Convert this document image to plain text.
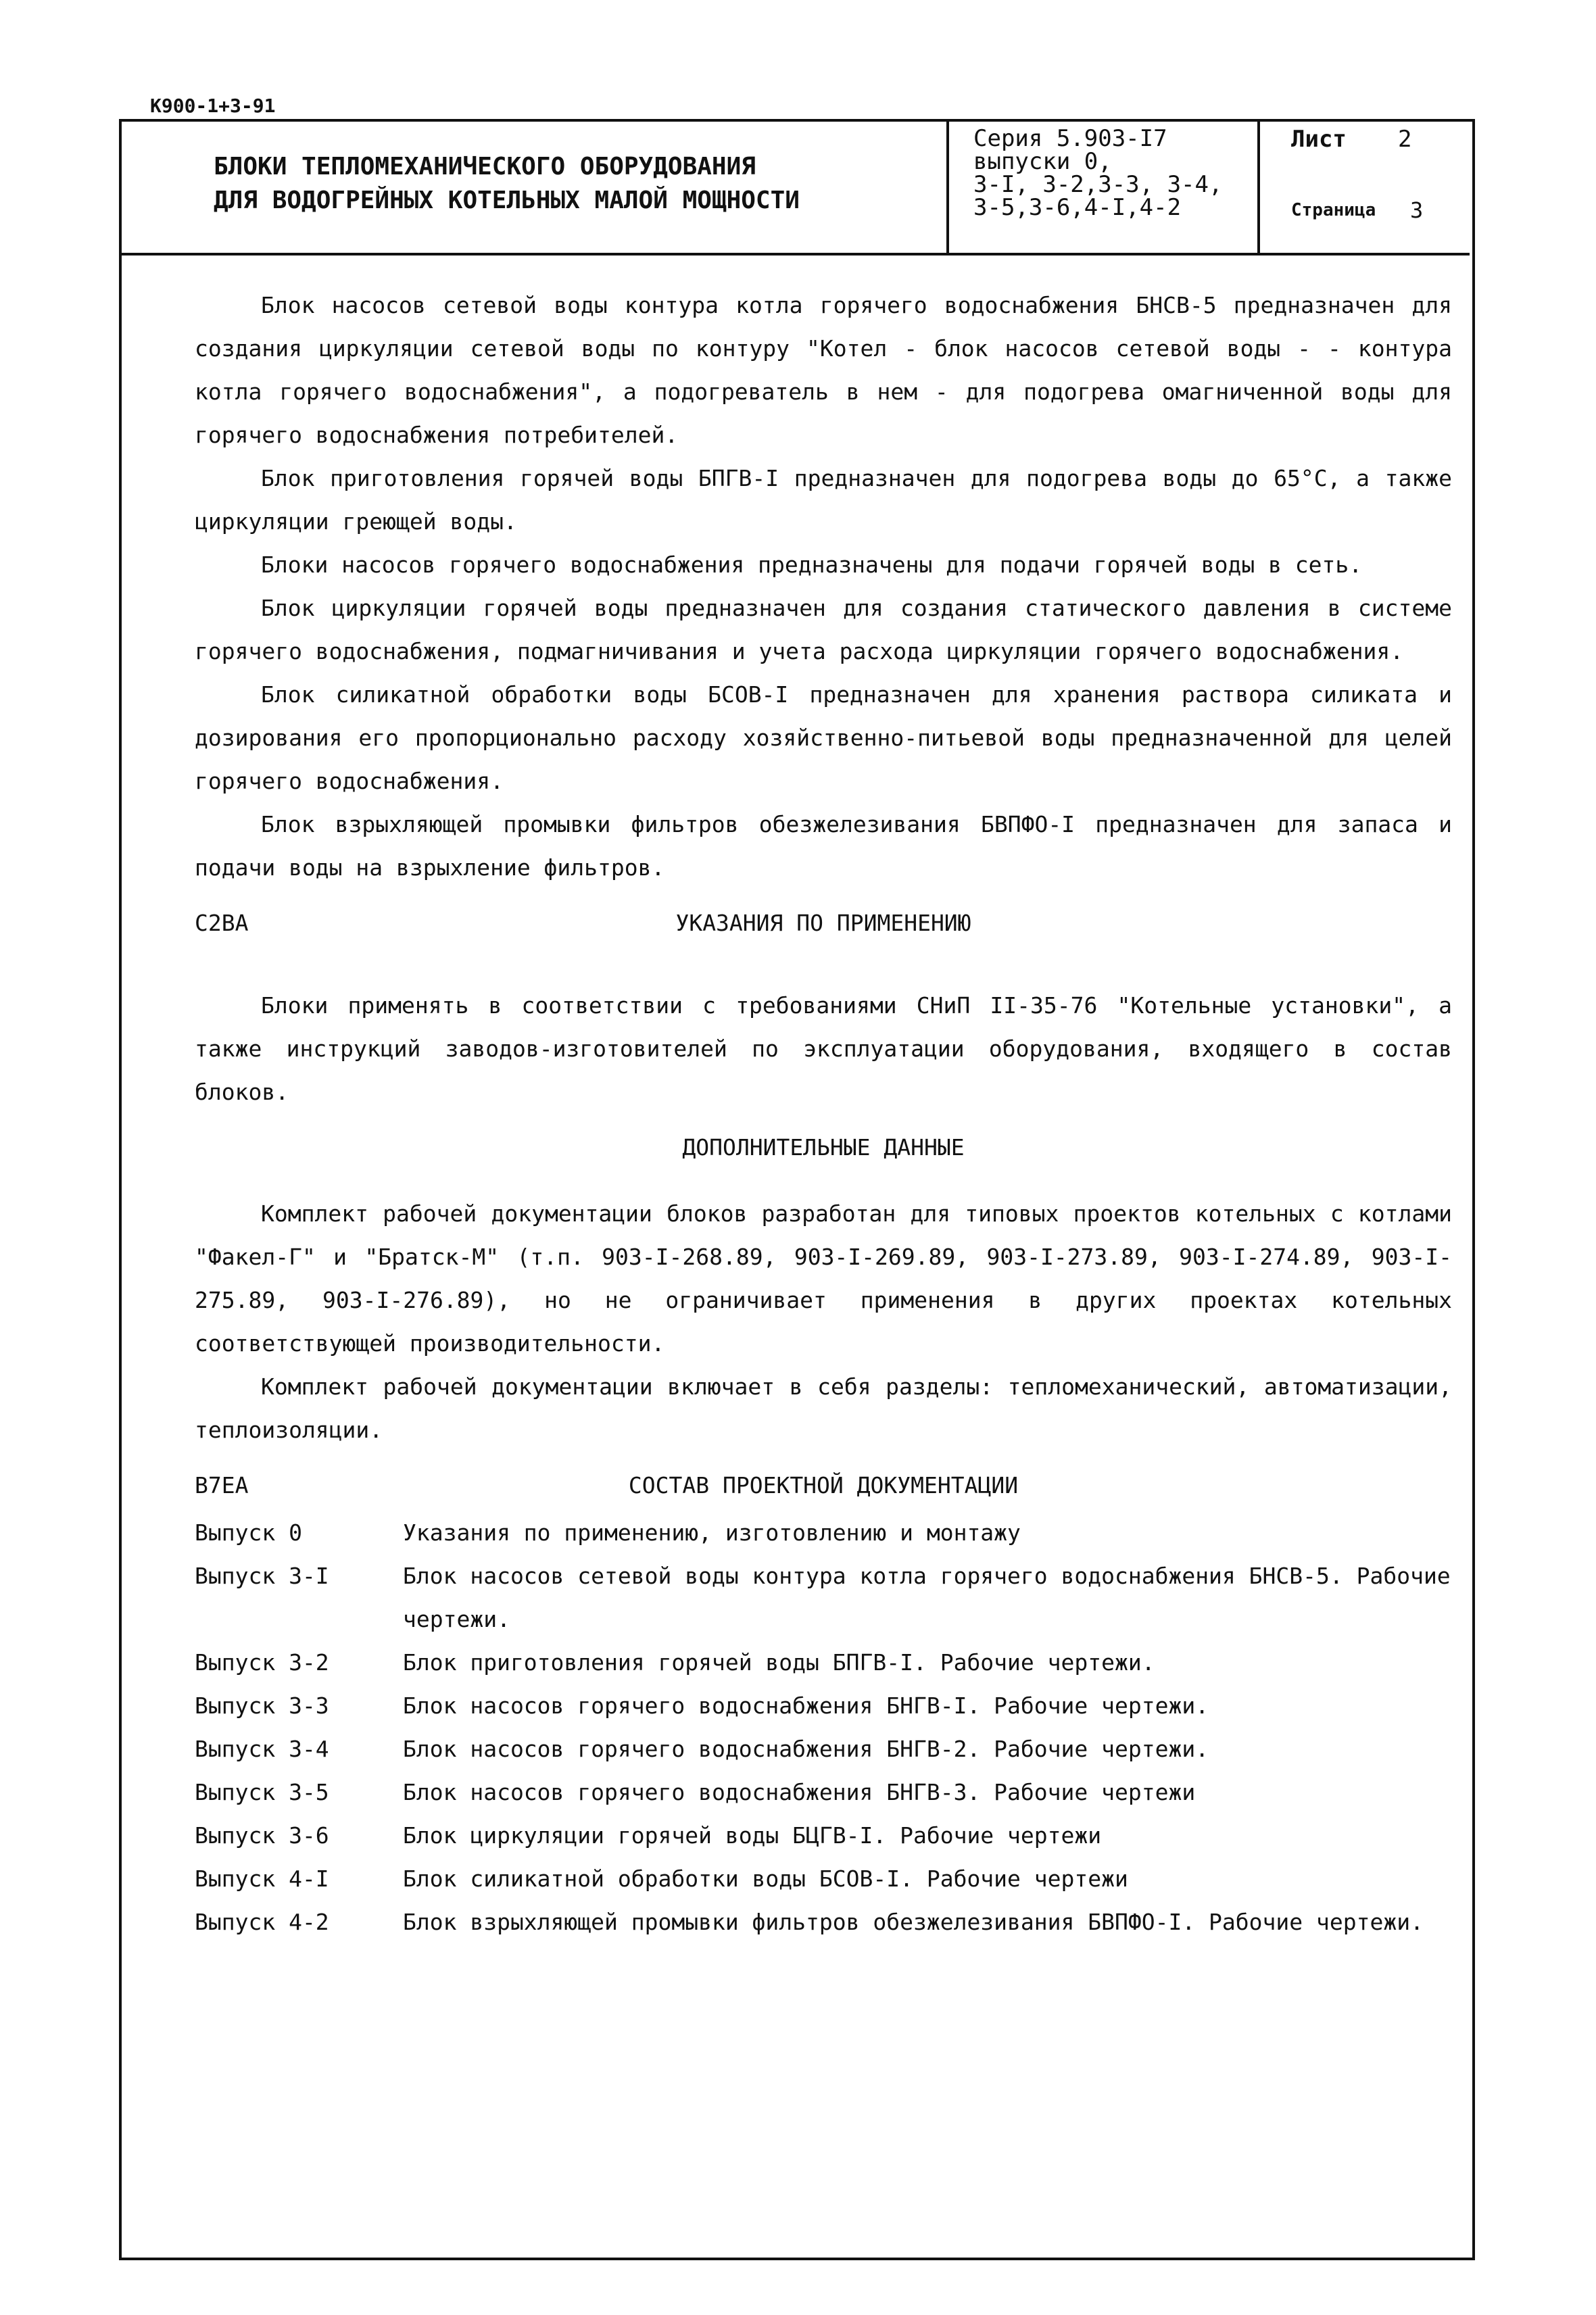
К900-1+3-91
БЛОКИ ТЕПЛОМЕХАНИЧЕСКОГО ОБОРУДОВАНИЯ
ДЛЯ ВОДОГРЕЙНЫХ КОТЕЛЬНЫХ МАЛОЙ МОЩНОСТИ
Серия 5.903-I7
выпуски 0,
3-I, 3-2,3-3, 3-4,
3-5,3-6,4-I,4-2
Лист 2
Страница 3

Блок насосов сетевой воды контура котла горячего водоснабжения БНСВ-5 предназначен для создания циркуляции сетевой воды по контуру "Котел - блок насосов сетевой воды - - контура котла горячего водоснабжения", а подогреватель в нем - для подогрева омагниченной воды для горячего водоснабжения потребителей.

Блок приготовления горячей воды БПГВ-I предназначен для подогрева воды до 65°С, а также циркуляции греющей воды.

Блоки насосов горячего водоснабжения предназначены для подачи горячей воды в сеть.

Блок циркуляции горячей воды предназначен для создания статического давления в системе горячего водоснабжения, подмагничивания и учета расхода циркуляции горячего водоснабжения.

Блок силикатной обработки воды БСОВ-I предназначен для хранения раствора силиката и дозирования его пропорционально расходу хозяйственно-питьевой воды предназначенной для целей горячего водоснабжения.

Блок взрыхляющей промывки фильтров обезжелезивания БВПФО-I предназначен для запаса и подачи воды на взрыхление фильтров.

С2ВА	УКАЗАНИЯ ПО ПРИМЕНЕНИЮ

Блоки применять в соответствии с требованиями СНиП II-35-76 "Котельные установки", а также инструкций заводов-изготовителей по эксплуатации оборудования, входящего в состав блоков.

ДОПОЛНИТЕЛЬНЫЕ ДАННЫЕ

Комплект рабочей документации блоков разработан для типовых проектов котельных с котлами "Факел-Г" и "Братск-М" (т.п. 903-I-268.89, 903-I-269.89, 903-I-273.89, 903-I-274.89, 903-I-275.89, 903-I-276.89), но не ограничивает применения в других проектах котельных соответствующей производительности.

Комплект рабочей документации включает в себя разделы: тепломеханический, автоматизации, теплоизоляции.

В7ЕА	СОСТАВ ПРОЕКТНОЙ ДОКУМЕНТАЦИИ
Выпуск 0	Указания по применению, изготовлению и монтажу
Выпуск 3-I	Блок насосов сетевой воды контура котла горячего водоснабжения БНСВ-5. Рабочие чертежи.
Выпуск 3-2	Блок приготовления горячей воды БПГВ-I. Рабочие чертежи.
Выпуск 3-3	Блок насосов горячего водоснабжения БНГВ-I. Рабочие чертежи.
Выпуск 3-4	Блок насосов горячего водоснабжения БНГВ-2. Рабочие чертежи.
Выпуск 3-5	Блок насосов горячего водоснабжения БНГВ-3. Рабочие чертежи
Выпуск 3-6	Блок циркуляции горячей воды БЦГВ-I. Рабочие чертежи
Выпуск 4-I	Блок силикатной обработки воды БСОВ-I. Рабочие чертежи
Выпуск 4-2	Блок взрыхляющей промывки фильтров обезжелезивания БВПФО-I. Рабочие чертежи.
